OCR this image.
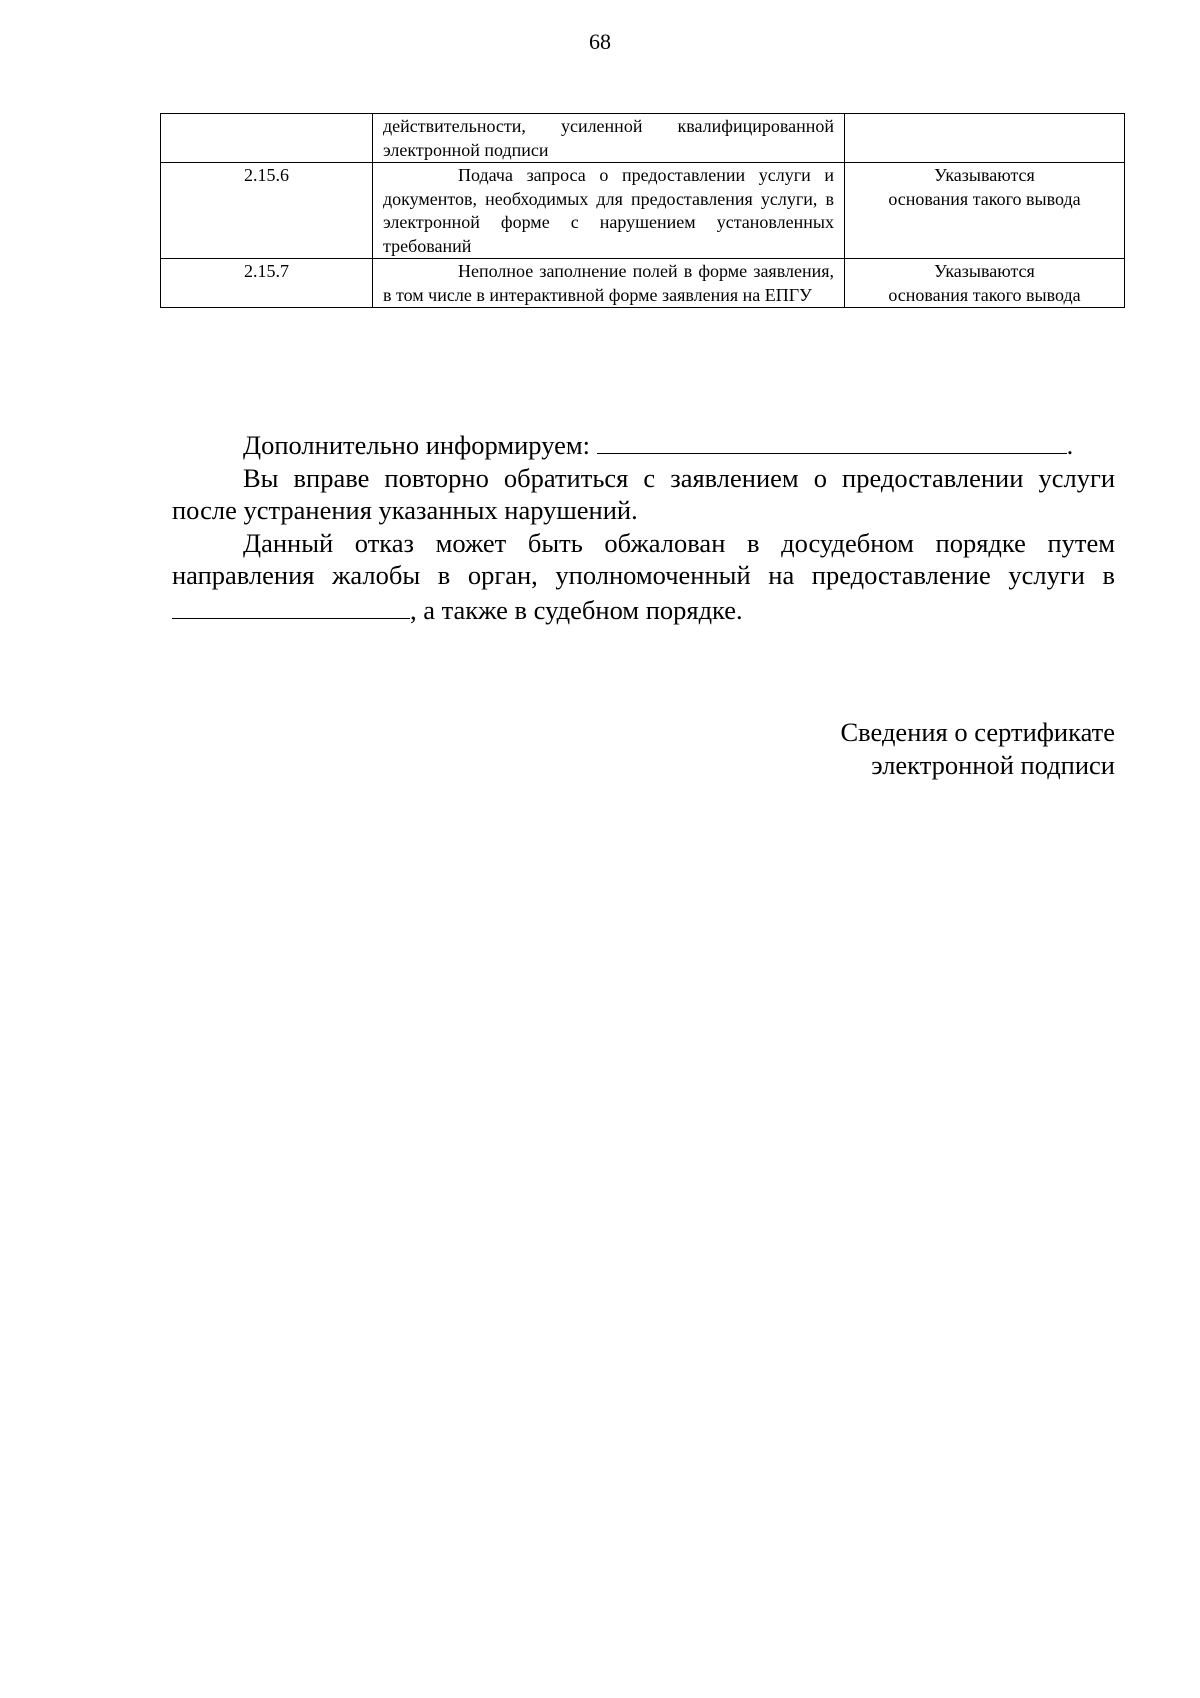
68
	действительности, усиленной квалифицированной электронной подписи	
2.15.6	Подача запроса о предоставлении услуги и документов, необходимых для предоставления услуги, в электронной форме с нарушением установленных требований	Указываются
основания такого вывода

2.15.7	Неполное заполнение полей в форме заявления, в том числе в интерактивной форме заявления на ЕПГУ	Указываются
основания такого вывода

Дополнительно информируем:	.

Вы вправе повторно обратиться с заявлением о предоставлении услуги после устранения указанных нарушений.

Данный отказ может быть обжалован в досудебном порядке путем направления жалобы в орган, уполномоченный на предоставление услуги в , а также в судебном порядке.

Сведения о сертификате
электронной подписи
